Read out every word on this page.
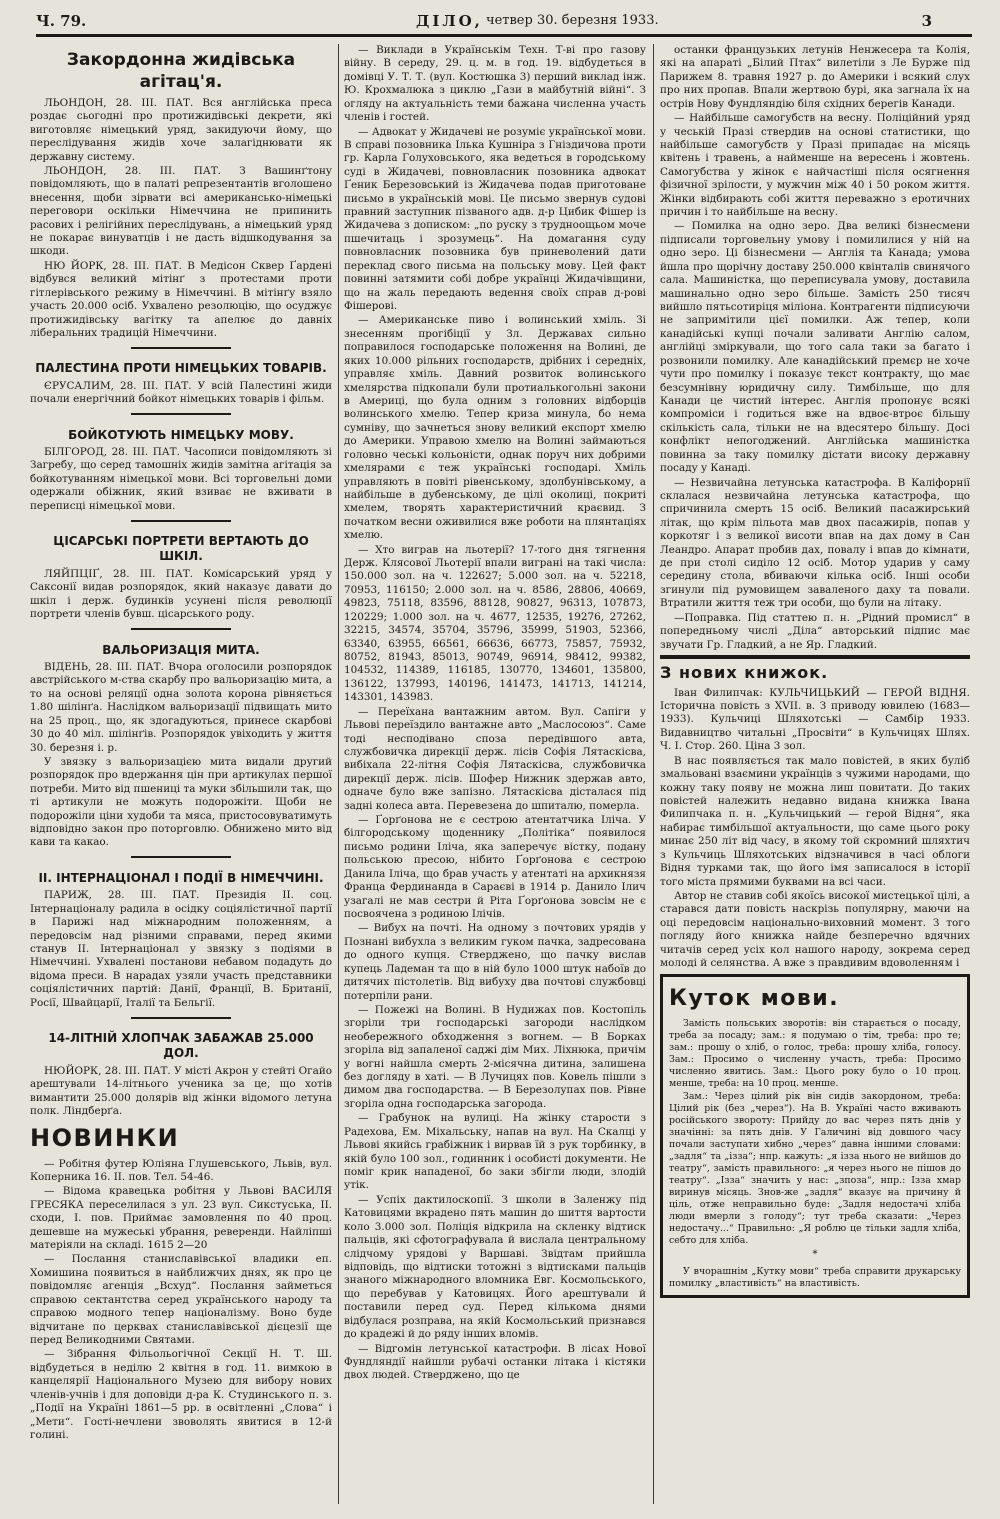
Ч. 79.	ДІЛО, четвер 30. березня 1933.	3
Закордонна жидівська агітац'я.

ЛЬОНДОН, 28. III. ПАТ. Вся англійська преса роздає сьогодні про протижидівські декрети, які виготовляє німецький уряд, закидуючи йому, що переслідування жидів хоче залагіднювати як державну систему.

ЛЬОНДОН, 28. III. ПАТ. З Вашинґтону повідомляють, що в палаті репрезентантів вголошено внесення, щоби зірвати всі американсько-німецькі переговори оскільки Німеччина не припинить расових і релігійних переслідувань, а німецький уряд не покарає винуватців і не дасть відшкодування за шкоди.

НЮ ЙОРК, 28. III. ПАТ. В Медісон Сквер Ґардені відбувся великий мітінґ з протестами проти гітлерівського режиму в Німеччині. В мітінґу взяло участь 20.000 осіб. Ухвалено резолюцію, що осуджує протижидівську вагітку та апелює до давніх ліберальних традицій Німеччини.

ПАЛЕСТИНА ПРОТИ НІМЕЦЬКИХ ТОВАРІВ.

ЄРУСАЛИМ, 28. III. ПАТ. У всій Палестині жиди почали енергічний бойкот німецьких товарів і фільм.

БОЙКОТУЮТЬ НІМЕЦЬКУ МОВУ.

БІЛГОРОД, 28. III. ПАТ. Часописи повідомляють зі Загребу, що серед тамошніх жидів замітна агітація за бойкотуванням німецької мови. Всі торговельні доми одержали обіжник, який взиває не вживати в переписці німецької мови.

ЦІСАРСЬКІ ПОРТРЕТИ ВЕРТАЮТЬ ДО ШКІЛ.

ЛЯЙПЦІҐ, 28. III. ПАТ. Комісарський уряд у Саксонії видав розпорядок, який наказує давати до шкіл і держ. будинків усунені після революції портрети членів бувш. цісарського роду.

ВАЛЬОРИЗАЦІЯ МИТА.

ВІДЕНЬ, 28. III. ПАТ. Вчора оголосили розпорядок австрійського м-ства скарбу про вальоризацію мита, а то на основі реляції одна золота корона рівняється 1.80 шілінґа. Наслідком вальоризації підвищать мито на 25 проц., що, як здогадуються, принесе скарбові 30 до 40 міл. шілінґів. Розпорядок увіходить у життя 30. березня і. р.

У звязку з вальоризацією мита видали другий розпорядок про вдержання цін при артикулах першої потреби. Мито від пшениці та муки збільшили так, що ті артикули не можуть подорожіти. Щоби не подорожіли ціни худоби та мяса, пристосовуватимуть відповідно закон про поторговлю. Обниженo мито від кави та какао.

II. ІНТЕРНАЦІОНАЛ І ПОДІЇ В НІМЕЧЧИНІ.

ПАРИЖ, 28. III. ПАТ. Президія II. соц. Інтернаціоналу радила в осідку соціялістичної партії в Парижі над міжнародним положенням, а передовсім над різними справами, перед якими станув II. Інтернаціонал у звязку з подіями в Німеччині. Ухвалені постанови небавом подадуть до відома преси. В нарадах узяли участь представники соціялістичних партій: Данії, Франції, В. Британії, Росії, Швайцарії, Італії та Бельгії.

14-ЛІТНІЙ ХЛОПЧАК ЗАБАЖАВ 25.000 ДОЛ.

НЮЙОРК, 28. III. ПАТ. У місті Акрон у стейті Огайо арештували 14-літнього ученика за це, що хотів вимантити 25.000 долярів від жінки відомого летуна полк. Ліндберґа.

НОВИНКИ

— Робітня футер Юліяна Глушевського, Львів, вул. Коперника 16. II. пов. Тел. 54-46.

— Відома кравецька робітня у Львові ВАСИЛЯ ГРЕСЯКА переселилася з ул. 23 вул. Сикстуська, ІІ. сходи, І. пов. Приймає замовлення по 40 проц. дешевше на мужеські убрання, реверенди. Найліпші матеріяли на складі. 1615 2—20

— Послання станиславівської владики еп. Хомишина появиться в найближчих днях, як про це повідомляє агенція „Всхуд“. Послання займеться справою сектантства серед українського народу та справою модного тепер націоналізму. Воно буде відчитане по церквах станиславівської дієцезії ще перед Великодними Святами.

— Зібрання Фільольогічної Секції Н. Т. Ш. відбудеться в неділю 2 квітня в год. 11. вимкою в канцелярії Національного Музею для вибору нових членів-учнів і для доповіди д-ра К. Студинського п. з. „Події на Україні 1861—5 рр. в освітленні „Слова“ і „Мети“. Гості-нечлени звоволять явитися в 12-й голині.

— Виклади в Українськім Техн. Т-ві про газову війну. В середу, 29. ц. м. в год. 19. відбудеться в домівці У. Т. Т. (вул. Костюшка 3) перший виклад інж. Ю. Крохмалюка з циклю „Гази в майбутній війні“. З огляду на актуальність теми бажана численна участь членів і гостей.

— Адвокат у Жидачеві не розуміє української мови. В справі позовника Ілька Кушніра з Гніздичова проти гр. Карла Голуховського, яка ведеться в городському суді в Жидачеві, повновласник позовника адвокат Ґеник Березовський із Жидачева подав приготоване письмо в українській мові. Це письмо звернув судові правний заступник пізваного адв. д-р Цибик Фішер із Жидачева з дописком: „по руску з трудноощьом моче пшечитаць і зрозумець“. На домагання суду повновласник позовника був приневолений дати переклад свого письма на польську мову. Цей факт повинні затямити собі добре українці Жидачівщини, що на жаль передають ведення своїх справ д-рові Фішерові.

— Американське пиво і волинський хміль. Зі знесенням прогібіції у Зл. Державах сильно поправилося господарське положення на Волині, де яких 10.000 рільних господарств, дрібних і середніх, управляє хміль. Давний розвиток волинського хмелярства підкопали були протиалькогольні закони в Америці, що була одним з головних відборців волинського хмелю. Тепер криза минула, бо нема сумніву, що зачнеться знову великий експорт хмелю до Америки. Управою хмелю на Волині займаються головно чеські кольоністи, однак поруч них добрими хмелярами є теж українські господарі. Хміль управляють в повіті рівенському, здолбунівському, а найбільше в дубенському, де цілі околиці, покриті хмелем, творять характеристичний краєвид. З початком весни оживилися вже роботи на плянтаціях хмелю.

— Хто виграв на льотерії? 17-того дня тягнення Держ. Клясової Льотерії впали виграні на такі числа: 150.000 зол. на ч. 122627; 5.000 зол. на ч. 52218, 70953, 116150; 2.000 зол. на ч. 8586, 28806, 40669, 49823, 75118, 83596, 88128, 90827, 96313, 107873, 120229; 1.000 зол. на ч. 4677, 12535, 19276, 27262, 32215, 34574, 35704, 35796, 35999, 51903, 52366, 63340, 63955, 66561, 66636, 66773, 75857, 75932, 80752, 81943, 85013, 90749, 96914, 98412, 99382, 104532, 114389, 116185, 130770, 134601, 135800, 136122, 137993, 140196, 141473, 141713, 141214, 143301, 143983.

— Переїхана вантажним автом. Вул. Сапіги у Львові переїздило вантажне авто „Маслосоюз“. Саме тоді несподівано споза передівшого авта, службовичка дирекції держ. лісів Софія Лятаскісва, вибіхала 22-літня Софія Лятаскісва, службовичка дирекції держ. лісів. Шофер Нижник здержав авто, одначе було вже запізно. Лятаскісва дісталася під задні колеса авта. Перевезена до шпиталю, померла.

— Ґорґонова не є сестрою атентатчика Іліча. У білгородському щоденнику „Політіка“ появилося письмо родини Іліча, яка заперечує вістку, подану польською пресою, нібито Ґорґонова є сестрою Данила Іліча, що брав участь у атентаті на архикнязя Франца Фердинанда в Сараєві в 1914 р. Данило Ілич узагалі не мав сестри й Ріта Ґорґонова зовсім не є посвоячена з родиною Ілічів.

— Вибух на почті. На одному з почтових урядів у Познані вибухла з великим гуком пачка, задресована до одного купця. Стверджено, що пачку вислав купець Ладеман та що в ній було 1000 штук набоїв до дитячих пістолетів. Від вибуху два почтові службовці потерпіли рани.

— Пожежі на Волині. В Нудижах пов. Костопіль згоріли три господарські загороди наслідком необережного обходження з вогнем. — В Борках згоріла від запаленої саджі дім Мих. Ліхнюка, причім у вогні найшла смерть 2-місячна дитина, залишена без догляду в хаті. — В Лучицях пов. Ковель пішли з димом два господарства. — В Березолупах пов. Рівне згоріла одна господарська загорода.

— Грабунок на вулиці. На жінку старости з Радехова, Ем. Міхальську, напав на вул. На Скалці у Львові якийсь грабіжник і вирвав їй з рук торбинку, в якій було 100 зол., годинник і особисті документи. Не поміг крик нападеної, бо заки збігли люди, злодій утік.

— Успіх дактилоскопії. З школи в Заленжу під Катовицями вкрадено пять машин до шиття вартости коло 3.000 зол. Поліція відкрила на скленку відтиск пальців, які сфотографувала й вислала центральному слідчому урядові у Варшаві. Звідтам прийшла відповідь, що відтиски тотожні з відтисками пальців знаного міжнародного вломника Евг. Космольського, що перебував у Катовицях. Його арештували й поставили перед суд. Перед кількома днями відбулася розправа, на якій Космольський признався до крадежі й до ряду інших вломів.

— Відгомін летунської катастрофи. В лісах Нової Фундляндії найшли рубачі останки літака і кістяки двох людей. Стверджено, що це

останки французьких летунів Ненжесера та Колія, які на апараті „Білий Птах“ вилетіли з Ле Бурже під Парижем 8. травня 1927 р. до Америки і всякий слух про них пропав. Впали жертвою бурі, яка загнала їх на острів Нову Фундляндію біля східних берегів Канади.

— Найбільше самогубств на весну. Поліційний уряд у чеській Празі ствердив на основі статистики, що найбільше самогубств у Празі припадає на місяць квітень і травень, а найменше на вересень і жовтень. Самогубства у жінок є найчастіші після осягнення фізичної зрілости, у мужчин між 40 і 50 роком життя. Жінки відбирають собі життя переважно з еротичних причин і то найбільше на весну.

— Помилка на одно зеро. Два великі бізнесмени підписали торговельну умову і помилилися у ній на одно зеро. Ці бізнесмени — Англія та Канада; умова йшла про щорічну доставу 250.000 квінталів свинячого сала. Машиністка, що переписувала умову, доставила машинально одно зеро більше. Замість 250 тисяч вийшло пятьсотиріця міліона. Контрагенти підписуючи не запримітили цієї помилки. Аж тепер, коли канадійські купці почали заливати Англію салом, англійці зміркували, що того сала таки за багато і розвонили помилку. Але канадійський премєр не хоче чути про помилку і показує текст контракту, що має безсумнівну юридичну силу. Тимбільше, що для Канади це чистий інтерес. Англія пропонує всякі компроміси і годиться вже на вдвоє-втроє більшу скількість сала, тільки не на вдесятеро більшу. Досі конфлікт непогоджений. Англійська машиністка повинна за таку помилку дістати високу державну посаду у Канаді.

— Незвичайна летунська катастрофа. В Каліфорнії склалася незвичайна летунська катастрофа, що спричинила смерть 15 осіб. Великий пасажирський літак, що крім пільота мав двох пасажирів, попав у коркотяг і з великої висоти впав на дах дому в Сан Леандро. Апарат пробив дах, повалу і впав до кімнати, де при столі сиділо 12 осіб. Мотор ударив у саму середину стола, вбиваючи кілька осіб. Інші особи згинули під румовищем заваленого даху та повали. Втратили життя теж три особи, що були на літаку.

—Поправка. Під статтею п. н. „Рідний промисл“ в попередньому числі „Діла“ авторський підпис має звучати Гр. Гладкий, а не Яр. Гладкий.

З нових книжок.

Іван Филипчак: КУЛЬЧИЦЬКИЙ — ГЕРОЙ ВІДНЯ. Історична повість з XVII. в. З приводу ювилею (1683—1933). Кульчиці Шляхотські — Самбір 1933. Видавництво читальні „Просвіти“ в Кульчицях Шлях. Ч. І. Стор. 260. Ціна 3 зол.

В нас появляється так мало повістей, в яких буліб змальовані взаємини українців з чужими народами, що кожну таку появу не можна лиш повитати. До таких повістей належить недавно видана книжка Івана Филипчака п. н. „Кульчицький — герой Відня“, яка набирає тимбільшої актуальности, що саме цього року минає 250 літ від часу, в якому той скромний шляхтич з Кульчиць Шляхотських відзначився в часі облоги Відня турками так, що його імя записалося в історії того міста прямими буквами на всі часи.

Автор не ставив собі якоїсь високої мистецької цілі, а старався дати повість наскрізь популярну, маючи на оці передовсім національно-виховний момент. З того погляду його книжка найде безперечно вдячних читачів серед усіх кол нашого народу, зокрема серед молоді й селянства. А вже з правдивим вдоволенням і

Куток мови.

Замість польських зворотів: він старається о посаду, треба за посаду; зам.: я подумаю о тім, треба: про те; зам.: прошу о хліб, о голос, треба: прошу хліба, голосу. Зам.: Просимо о численну участь, треба: Просимо численно явитись. Зам.: Цього року було о 10 проц. менше, треба: на 10 проц. менше.

Зам.: Через цілий рік він сидів закордоном, треба: Цілий рік (без „через“). На В. Україні часто вживають російського звороту: Прийду до вас через пять днів у значінні: за пять днів. У Галичині від довшого часу почали заступати хибно „через“ давна іншими словами: „задля“ та „ізза“; нпр. кажуть: „я ізза нього не вийшов до театру“, замість правильного: „я через нього не пішов до театру“. „Ізза“ значить у нас: „зпоза“, нпр.: Ізза хмар виринув місяць. Знов-же „задля“ вказує на причину й ціль, отже неправильно буде: „Задля недостачі хліба люди вмерли з голоду“; тут треба сказати: „Через недостачу...“ Правильно: „Я роблю це тільки задля хліба, себто для хліба.

*

У вчорашнім „Кутку мови“ треба справити друкарську помилку „властивість“ на властивість.
